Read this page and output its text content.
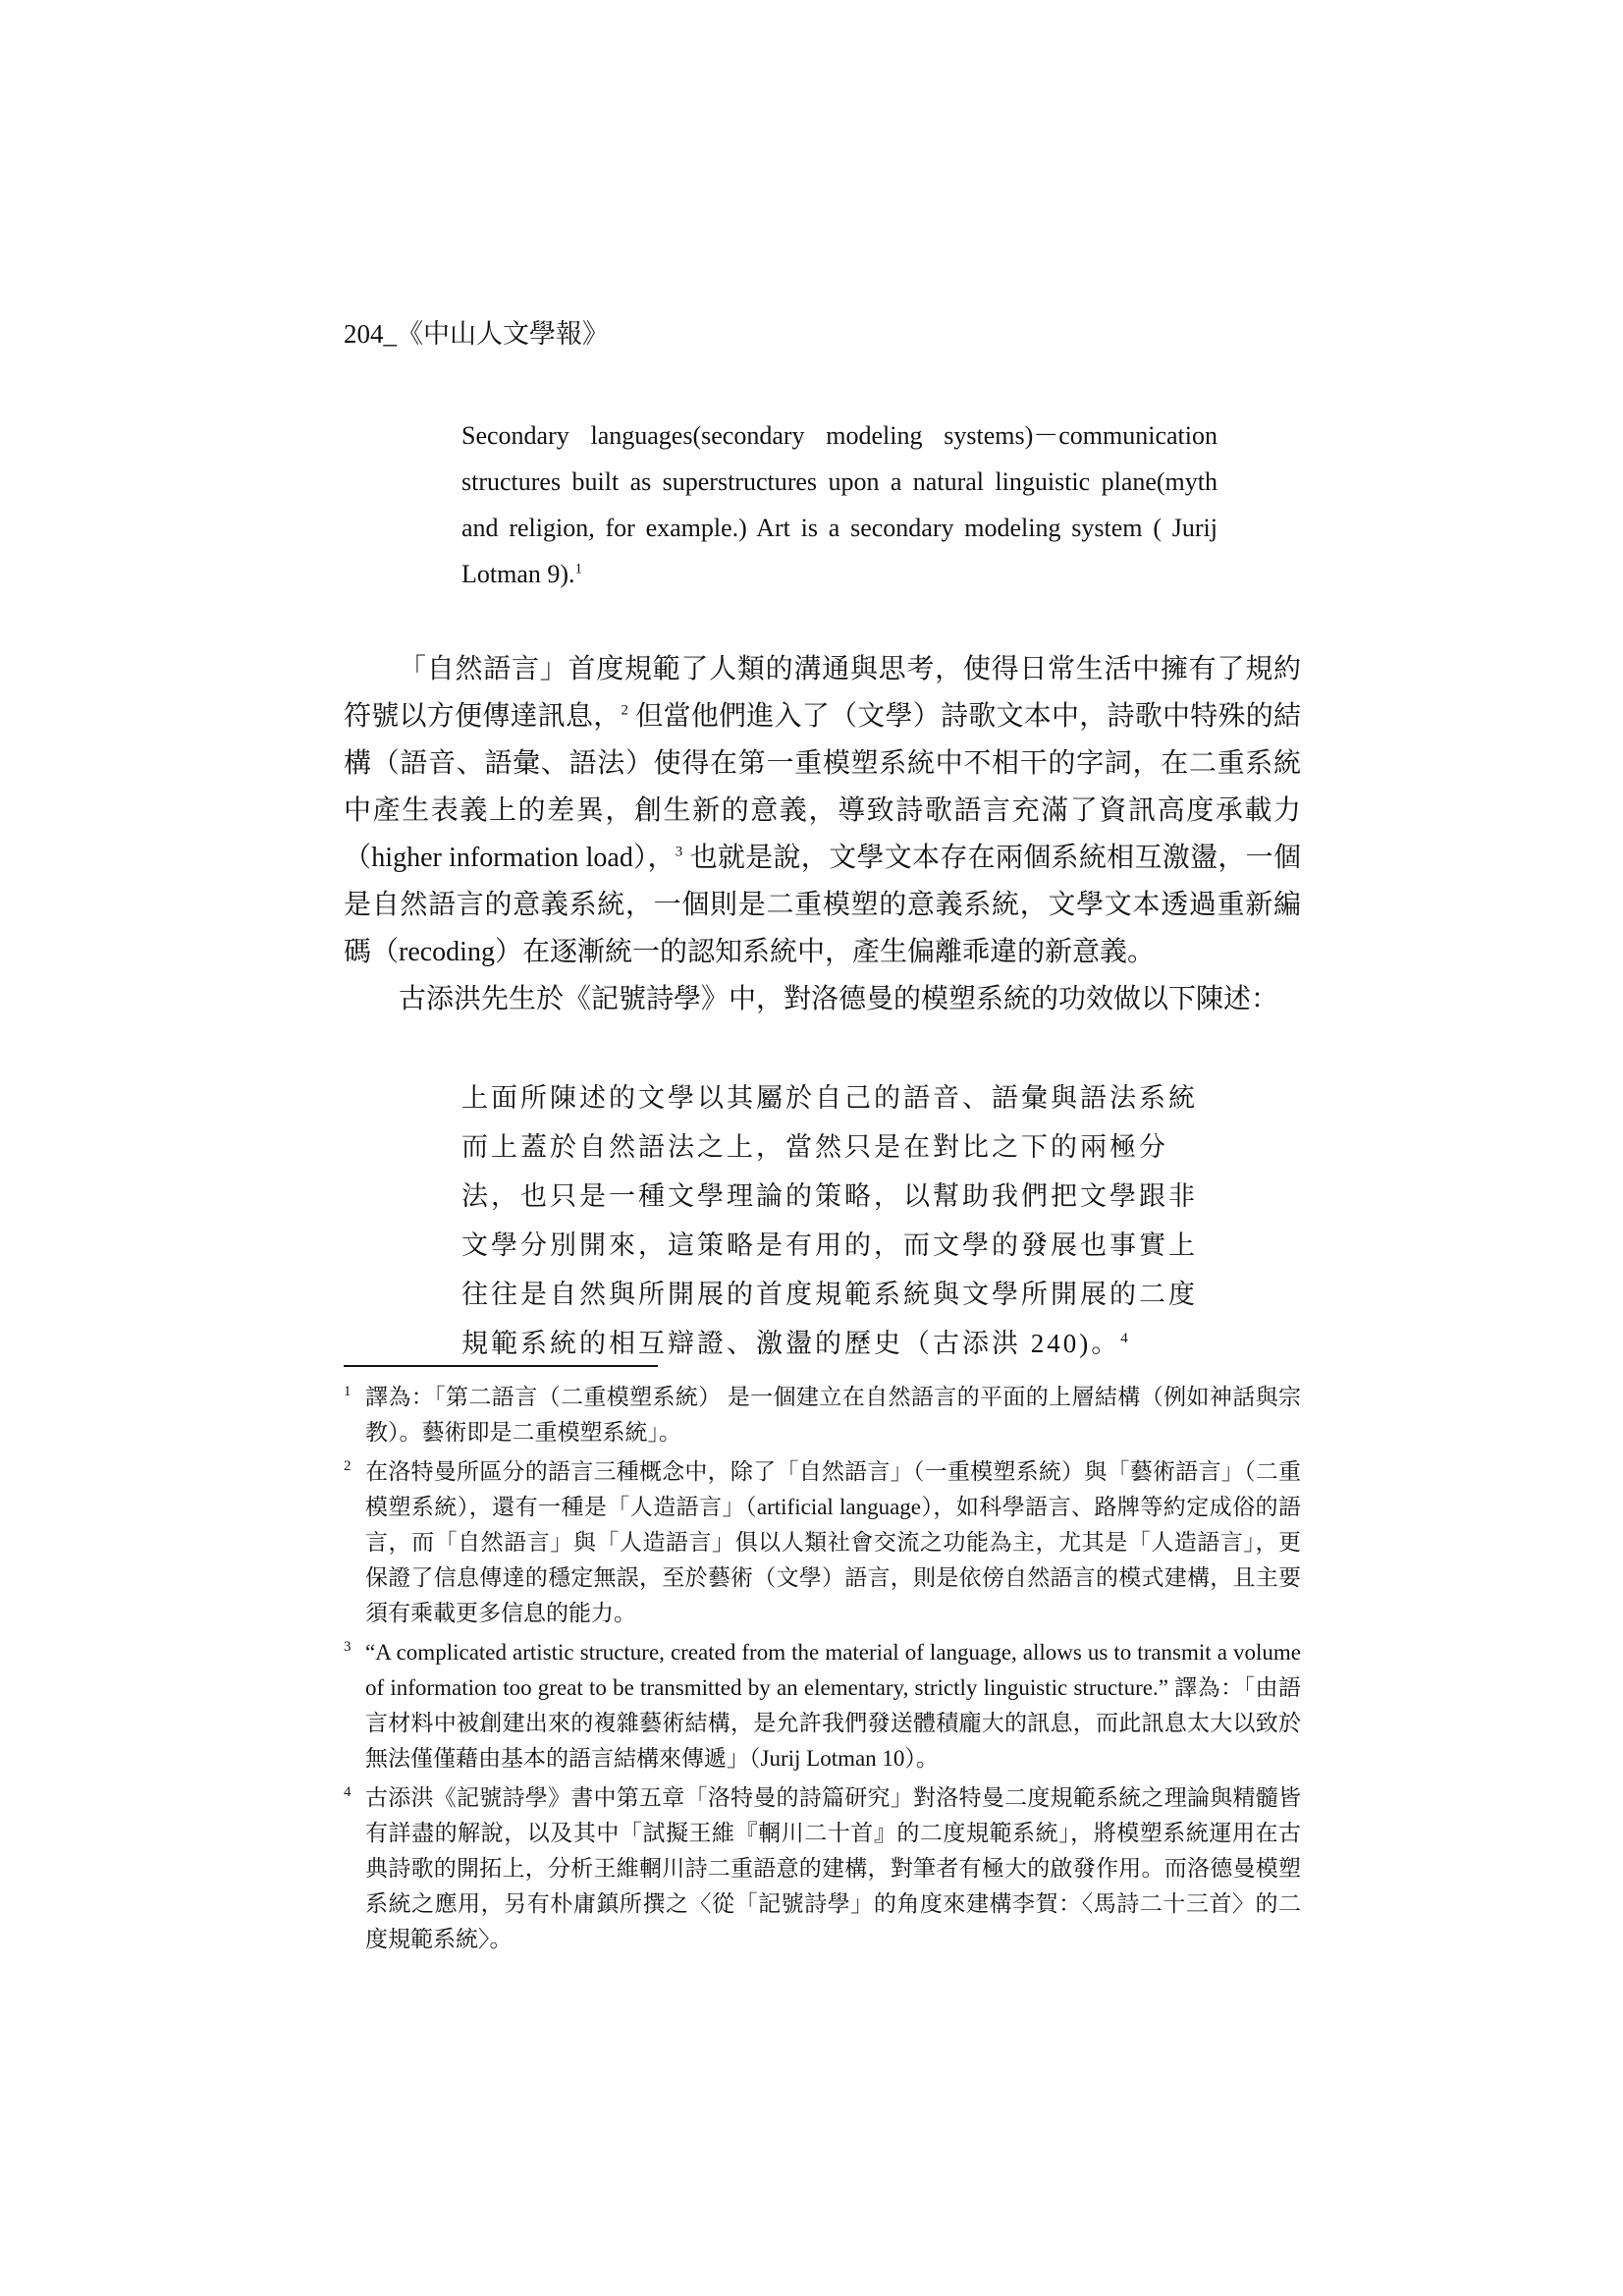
204_《中山人文學報》

Secondary languages(secondary modeling systems)－communication structures built as superstructures upon a natural linguistic plane(myth and religion, for example.) Art is a secondary modeling system ( Jurij Lotman 9).$^1$

「自然語言」首度規範了人類的溝通與思考，使得日常生活中擁有了規約符號以方便傳達訊息，$^2$ 但當他們進入了（文學）詩歌文本中，詩歌中特殊的結構（語音、語彙、語法）使得在第一重模塑系統中不相干的字詞，在二重系統中產生表義上的差異，創生新的意義，導致詩歌語言充滿了資訊高度承載力（higher information load），$^3$ 也就是說，文學文本存在兩個系統相互激盪，一個是自然語言的意義系統，一個則是二重模塑的意義系統，文學文本透過重新編碼（recoding）在逐漸統一的認知系統中，產生偏離乖違的新意義。

古添洪先生於《記號詩學》中，對洛德曼的模塑系統的功效做以下陳述：

上面所陳述的文學以其屬於自己的語音、語彙與語法系統而上蓋於自然語法之上，當然只是在對比之下的兩極分法，也只是一種文學理論的策略，以幫助我們把文學跟非文學分別開來，這策略是有用的，而文學的發展也事實上往往是自然與所開展的首度規範系統與文學所開展的二度規範系統的相互辯證、激盪的歷史（古添洪 240)。$^4$

1 譯為：「第二語言（二重模塑系統） 是一個建立在自然語言的平面的上層結構（例如神話與宗教）。藝術即是二重模塑系統」。
2 在洛特曼所區分的語言三種概念中，除了「自然語言」（一重模塑系統）與「藝術語言」（二重模塑系統），還有一種是「人造語言」（artificial language），如科學語言、路牌等約定成俗的語言，而「自然語言」與「人造語言」俱以人類社會交流之功能為主，尤其是「人造語言」，更保證了信息傳達的穩定無誤，至於藝術（文學）語言，則是依傍自然語言的模式建構，且主要須有乘載更多信息的能力。
3 “A complicated artistic structure, created from the material of language, allows us to transmit a volume of information too great to be transmitted by an elementary, strictly linguistic structure.” 譯為：「由語言材料中被創建出來的複雜藝術結構，是允許我們發送體積龐大的訊息，而此訊息太大以致於無法僅僅藉由基本的語言結構來傳遞」（Jurij Lotman 10）。
4 古添洪《記號詩學》書中第五章「洛特曼的詩篇研究」對洛特曼二度規範系統之理論與精髓皆有詳盡的解說，以及其中「試擬王維『輞川二十首』的二度規範系統」，將模塑系統運用在古典詩歌的開拓上，分析王維輞川詩二重語意的建構，對筆者有極大的啟發作用。而洛德曼模塑系統之應用，另有朴庸鎮所撰之〈從「記號詩學」的角度來建構李賀：〈馬詩二十三首〉的二度規範系統〉。
